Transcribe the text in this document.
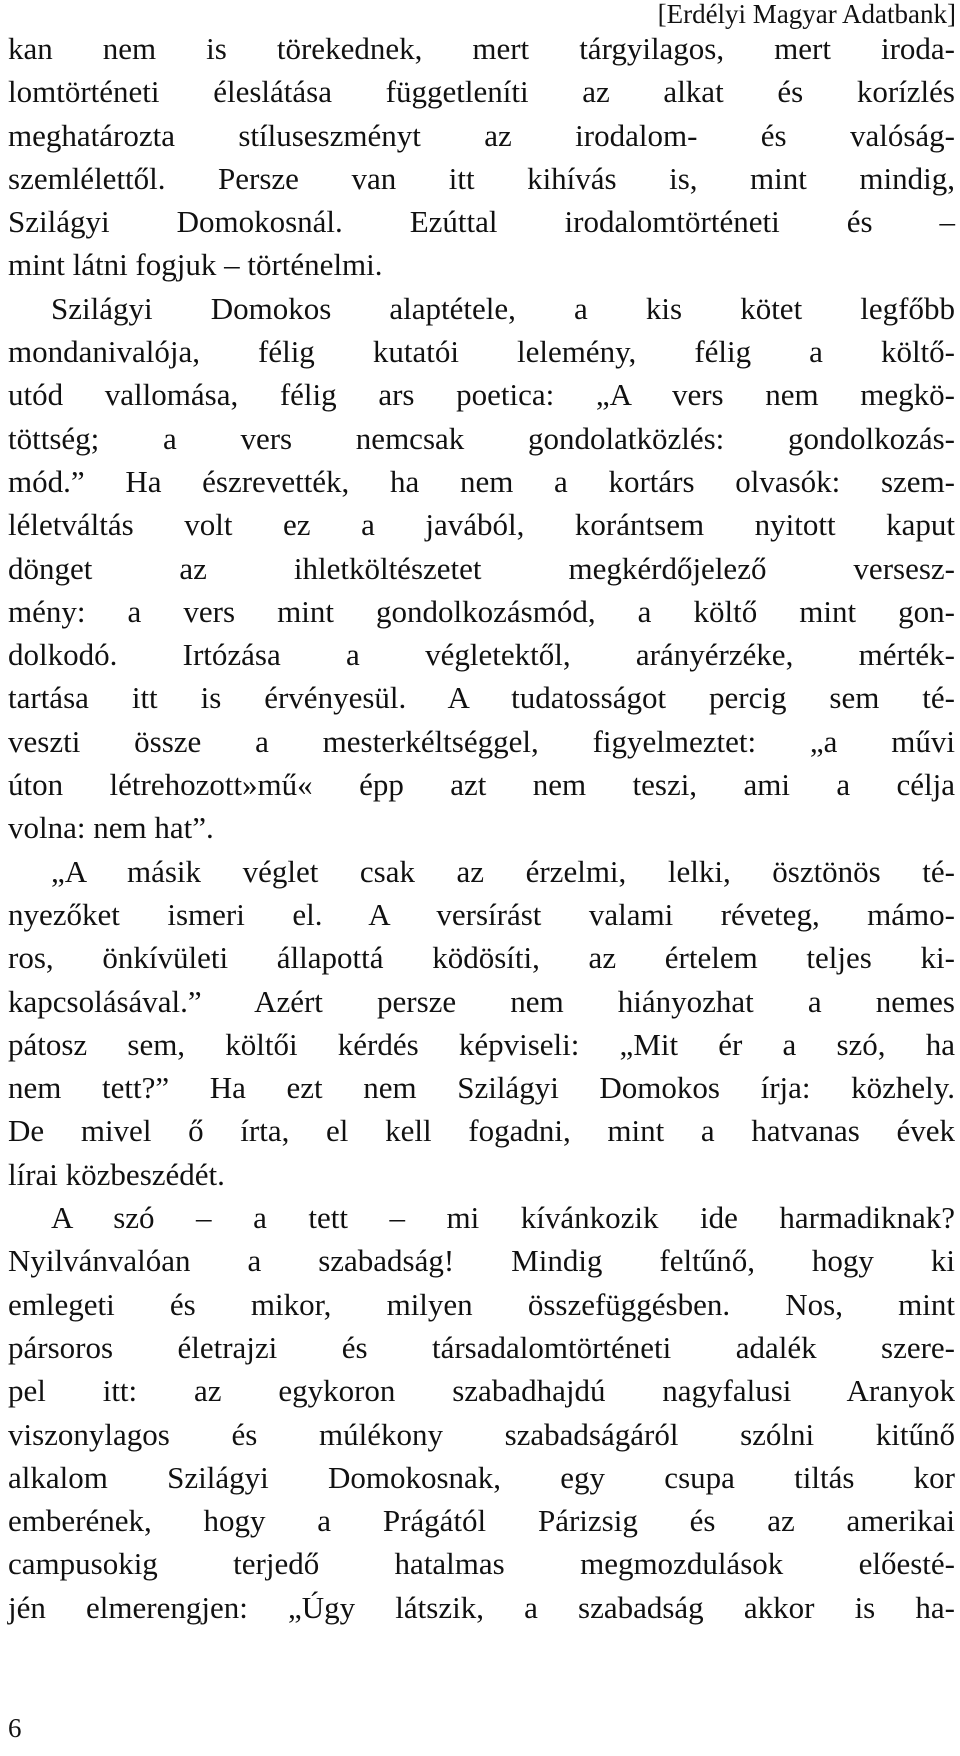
[Erdélyi Magyar Adatbank]
kan nem is törekednek, mert tárgyilagos, mert iroda-
lomtörténeti éleslátása függetleníti az alkat és korízlés
meghatározta stíluseszményt az irodalom- és valóság-
szemlélettől. Persze van itt kihívás is, mint mindig,
Szilágyi Domokosnál. Ezúttal irodalomtörténeti és –
mint látni fogjuk – történelmi.
Szilágyi Domokos alaptétele, a kis kötet legfőbb
mondanivalója, félig kutatói lelemény, félig a költő-
utód vallomása, félig ars poetica: „A vers nem megkö-
töttség; a vers nemcsak gondolatközlés: gondolkozás-
mód.” Ha észrevették, ha nem a kortárs olvasók: szem-
léletváltás volt ez a javából, korántsem nyitott kaput
dönget az ihletköltészetet megkérdőjelező versesz-
mény: a vers mint gondolkozásmód, a költő mint gon-
dolkodó. Irtózása a végletektől, arányérzéke, mérték-
tartása itt is érvényesül. A tudatosságot percig sem té-
veszti össze a mesterkéltséggel, figyelmeztet: „a művi
úton létrehozott»mű« épp azt nem teszi, ami a célja
volna: nem hat”.
„A másik véglet csak az érzelmi, lelki, ösztönös té-
nyezőket ismeri el. A versírást valami réveteg, mámo-
ros, önkívületi állapottá ködösíti, az értelem teljes ki-
kapcsolásával.” Azért persze nem hiányozhat a nemes
pátosz sem, költői kérdés képviseli: „Mit ér a szó, ha
nem tett?” Ha ezt nem Szilágyi Domokos írja: közhely.
De mivel ő írta, el kell fogadni, mint a hatvanas évek
lírai közbeszédét.
A szó – a tett – mi kívánkozik ide harmadiknak?
Nyilvánvalóan a szabadság! Mindig feltűnő, hogy ki
emlegeti és mikor, milyen összefüggésben. Nos, mint
pársoros életrajzi és társadalomtörténeti adalék szere-
pel itt: az egykoron szabadhajdú nagyfalusi Aranyok
viszonylagos és múlékony szabadságáról szólni kitűnő
alkalom Szilágyi Domokosnak, egy csupa tiltás kor
emberének, hogy a Prágától Párizsig és az amerikai
campusokig terjedő hatalmas megmozdulások előesté-
jén elmerengjen: „Úgy látszik, a szabadság akkor is ha-
6
